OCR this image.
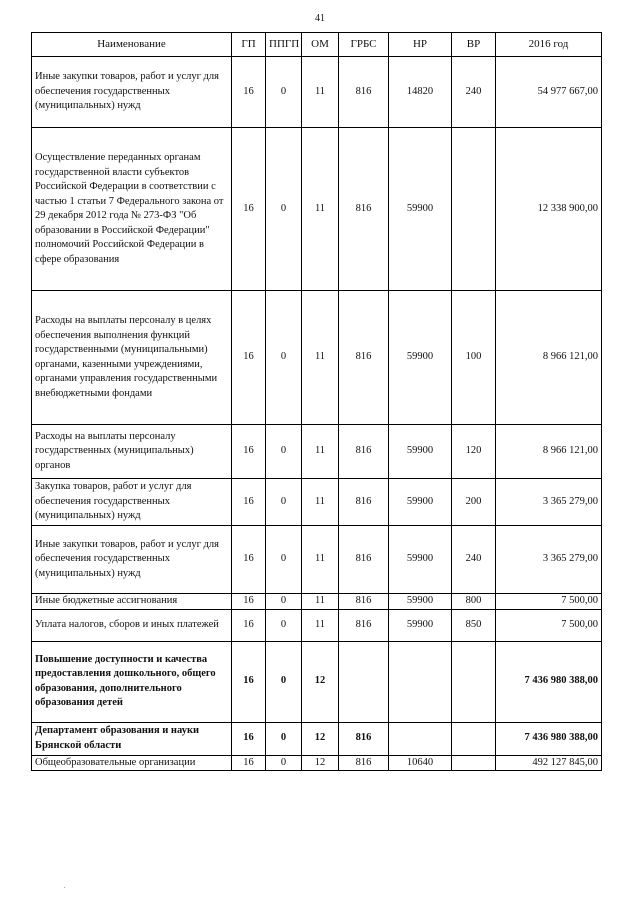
41
Наименование	ГП	ППГП	ОМ	ГРБС	НР	ВР	2016 год
Иные закупки товаров, работ и услуг для обеспечения государственных (муниципальных) нужд	16	0	11	816	14820	240	54 977 667,00
Осуществление переданных органам государственной власти субъектов Российской Федерации в соответствии с частью 1 статьи 7 Федерального закона от 29 декабря 2012 года № 273-ФЗ "Об образовании в Российской Федерации" полномочий Российской Федерации в сфере образования	16	0	11	816	59900		12 338 900,00
Расходы на выплаты персоналу в целях обеспечения выполнения функций государственными (муниципальными) органами, казенными учреждениями, органами управления государственными внебюджетными фондами	16	0	11	816	59900	100	8 966 121,00
Расходы на выплаты персоналу государственных (муниципальных) органов	16	0	11	816	59900	120	8 966 121,00
Закупка товаров, работ и услуг для обеспечения государственных (муниципальных) нужд	16	0	11	816	59900	200	3 365 279,00
Иные закупки товаров, работ и услуг для обеспечения государственных (муниципальных) нужд	16	0	11	816	59900	240	3 365 279,00
Иные бюджетные ассигнования	16	0	11	816	59900	800	7 500,00
Уплата налогов, сборов и иных платежей	16	0	11	816	59900	850	7 500,00
Повышение доступности и качества предоставления дошкольного, общего образования, дополнительного образования детей	16	0	12				7 436 980 388,00
Департамент образования и науки Брянской области	16	0	12	816			7 436 980 388,00
Общеобразовательные организации	16	0	12	816	10640		492 127 845,00
.
